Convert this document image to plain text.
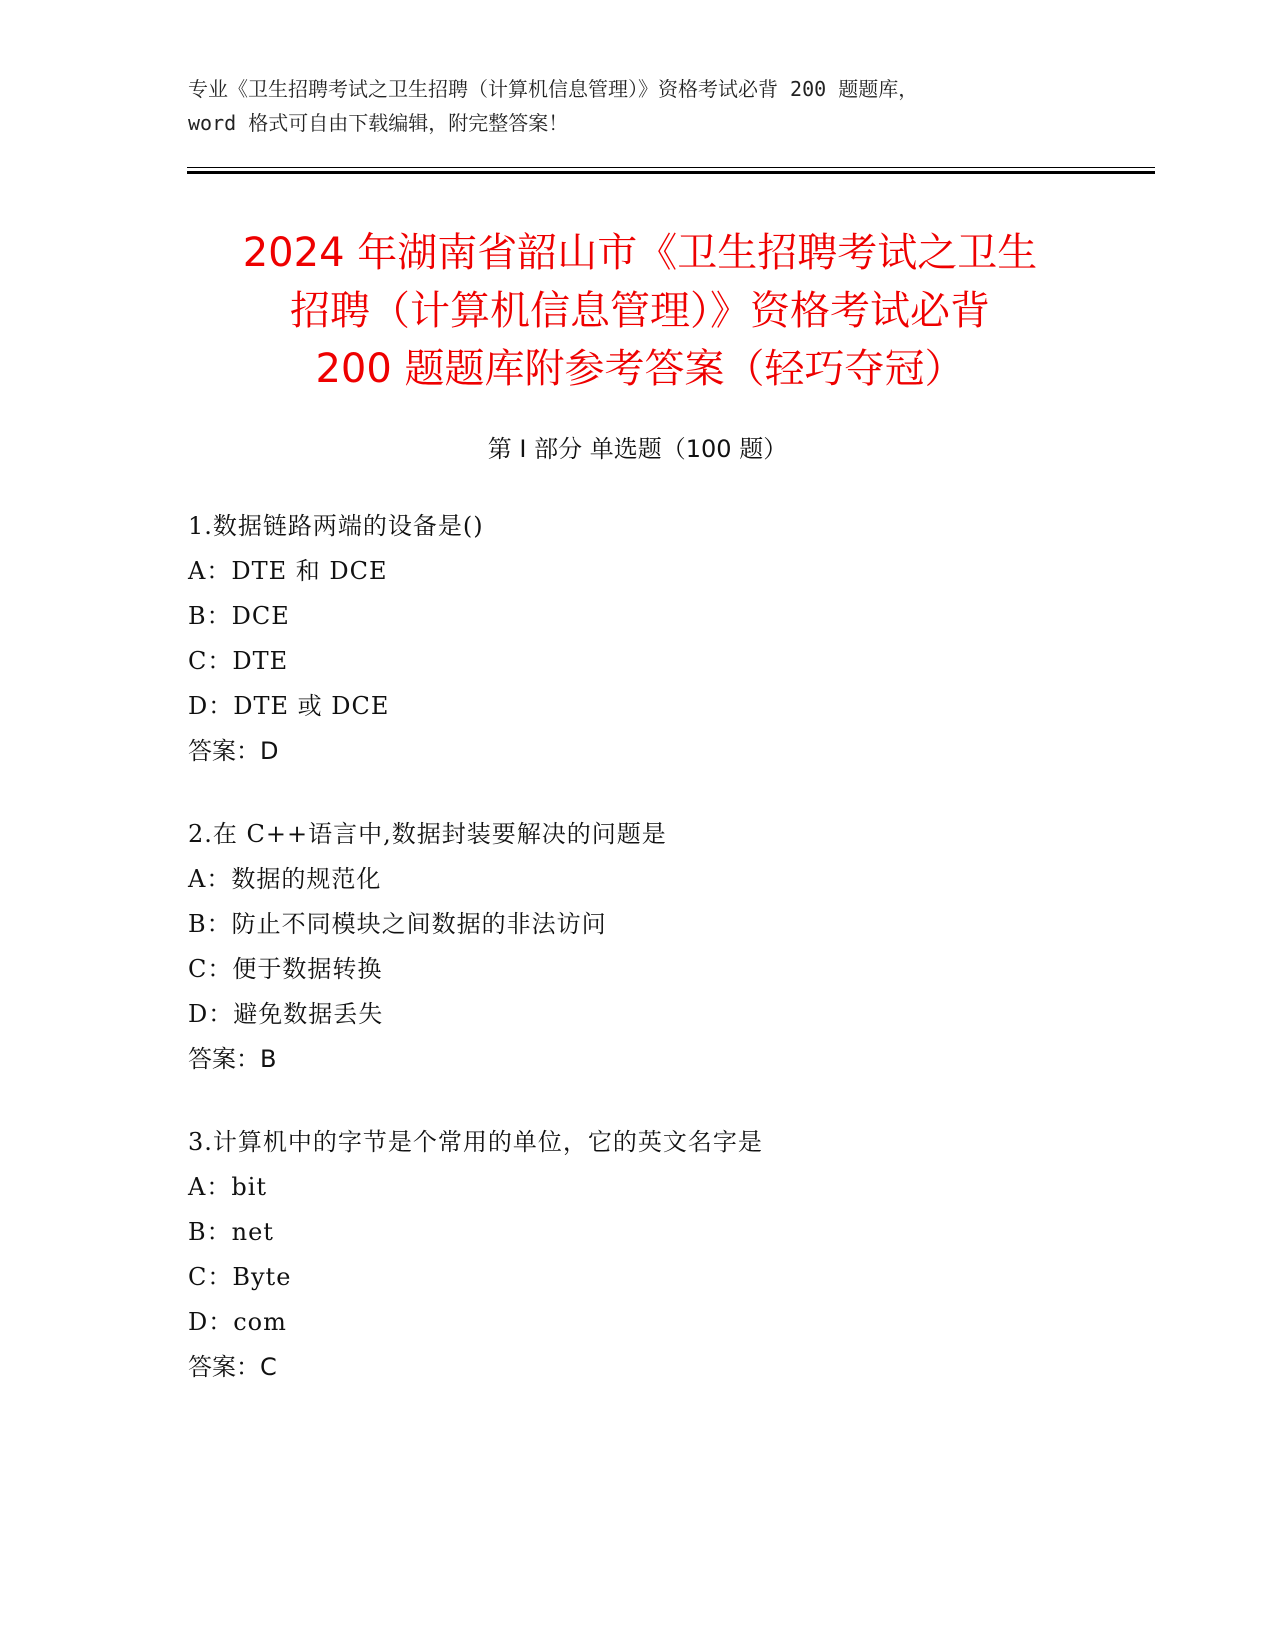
专业《卫生招聘考试之卫生招聘（计算机信息管理）》资格考试必背 200 题题库，
word 格式可自由下载编辑，附完整答案！
2024 年湖南省韶山市《卫生招聘考试之卫生
招聘（计算机信息管理）》资格考试必背
200 题题库附参考答案（轻巧夺冠）
第 I 部分 单选题（100 题）
1.数据链路两端的设备是()
A：DTE 和 DCE
B：DCE
C：DTE
D：DTE 或 DCE
答案：D
2.在 C++语言中,数据封装要解决的问题是
A：数据的规范化
B：防止不同模块之间数据的非法访问
C：便于数据转换
D：避免数据丢失
答案：B
3.计算机中的字节是个常用的单位，它的英文名字是
A：bit
B：net
C：Byte
D：com
答案：C
